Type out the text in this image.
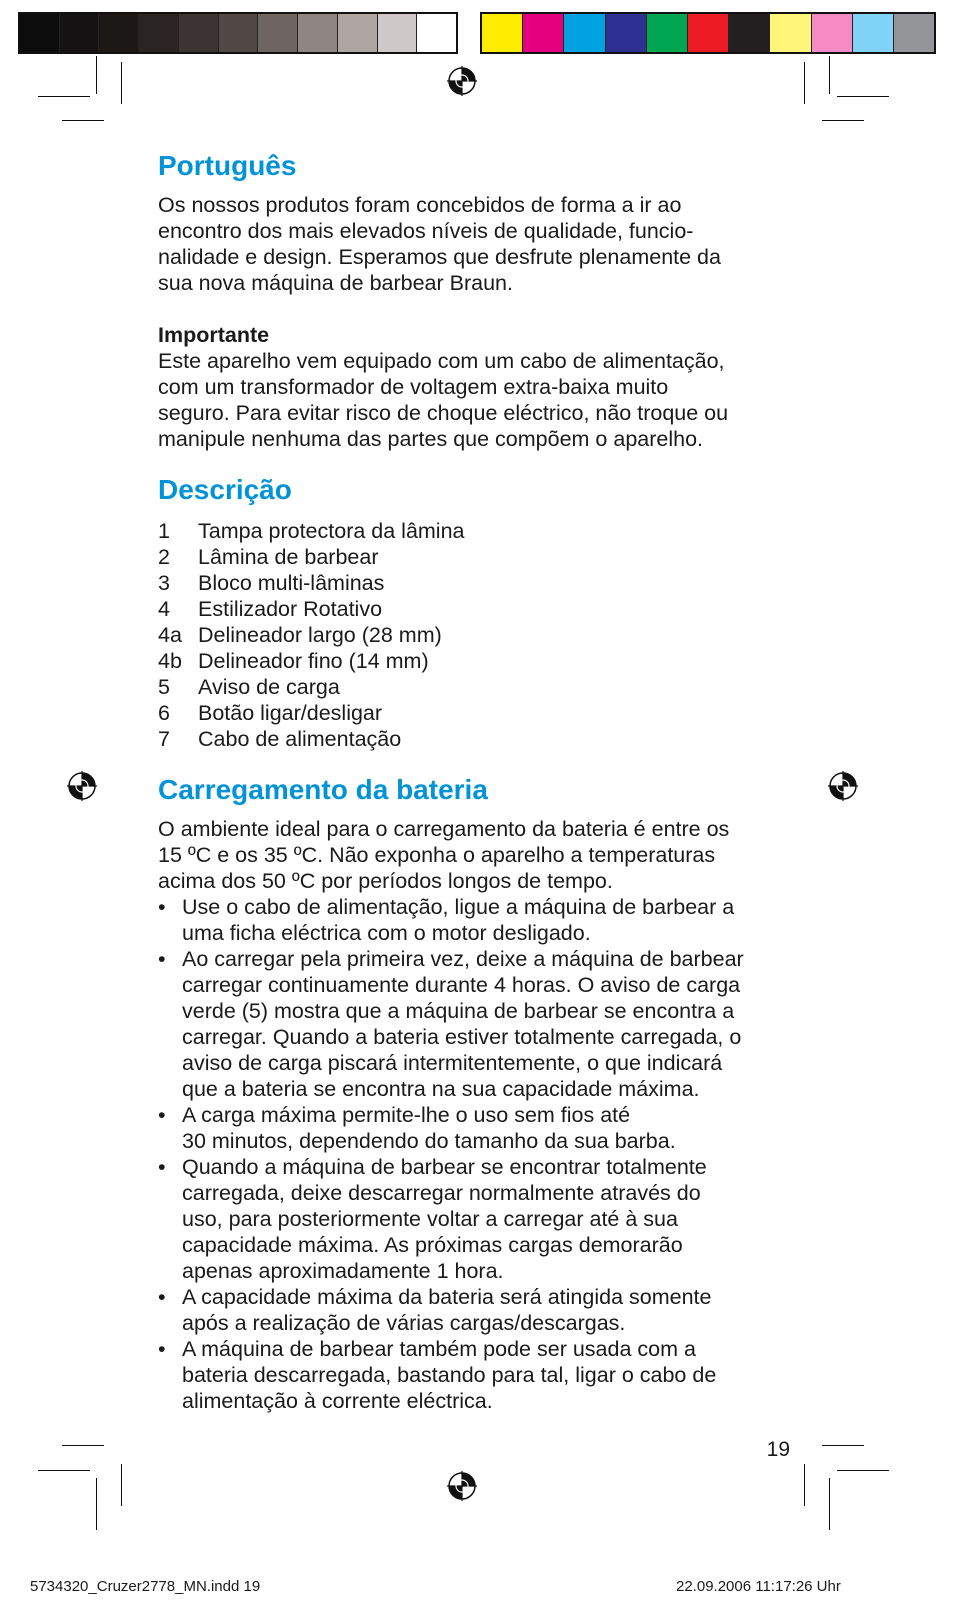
Português

Os nossos produtos foram concebidos de forma a ir ao

encontro dos mais elevados níveis de qualidade, funcio-

nalidade e design. Esperamos que desfrute plenamente da

sua nova máquina de barbear Braun.

Importante

Este aparelho vem equipado com um cabo de alimentação,

com um transformador de voltagem extra-baixa muito

seguro. Para evitar risco de choque eléctrico, não troque ou

manipule nenhuma das partes que compõem o aparelho.

Descrição
1	Tampa protectora da lâmina
2	Lâmina de barbear
3	Bloco multi-lâminas
4	Estilizador Rotativo
4a Delineador largo (28 mm)
4b Delineador fino (14 mm)
5	Aviso de carga
6	Botão ligar/desligar
7	Cabo de alimentação
Carregamento da bateria

O ambiente ideal para o carregamento da bateria é entre os

15 ºC e os 35 ºC. Não exponha o aparelho a temperaturas

acima dos 50 ºC por períodos longos de tempo.

• Use o cabo de alimentação, ligue a máquina de barbear a

uma ficha eléctrica com o motor desligado.

• Ao carregar pela primeira vez, deixe a máquina de barbear

carregar continuamente durante 4 horas. O aviso de carga

verde (5) mostra que a máquina de barbear se encontra a

carregar. Quando a bateria estiver totalmente carregada, o

aviso de carga piscará intermitentemente, o que indicará

que a bateria se encontra na sua capacidade máxima.

• A carga máxima permite-lhe o uso sem fios até

30 minutos, dependendo do tamanho da sua barba.

• Quando a máquina de barbear se encontrar totalmente

carregada, deixe descarregar normalmente através do

uso, para posteriormente voltar a carregar até à sua

capacidade máxima. As próximas cargas demorarão

apenas aproximadamente 1 hora.

• A capacidade máxima da bateria será atingida somente

após a realização de várias cargas/descargas.

• A máquina de barbear também pode ser usada com a

bateria descarregada, bastando para tal, ligar o cabo de

alimentação à corrente eléctrica.

19
5734320_Cruzer2778_MN.indd 19	22.09.2006 11:17:26 Uhr
